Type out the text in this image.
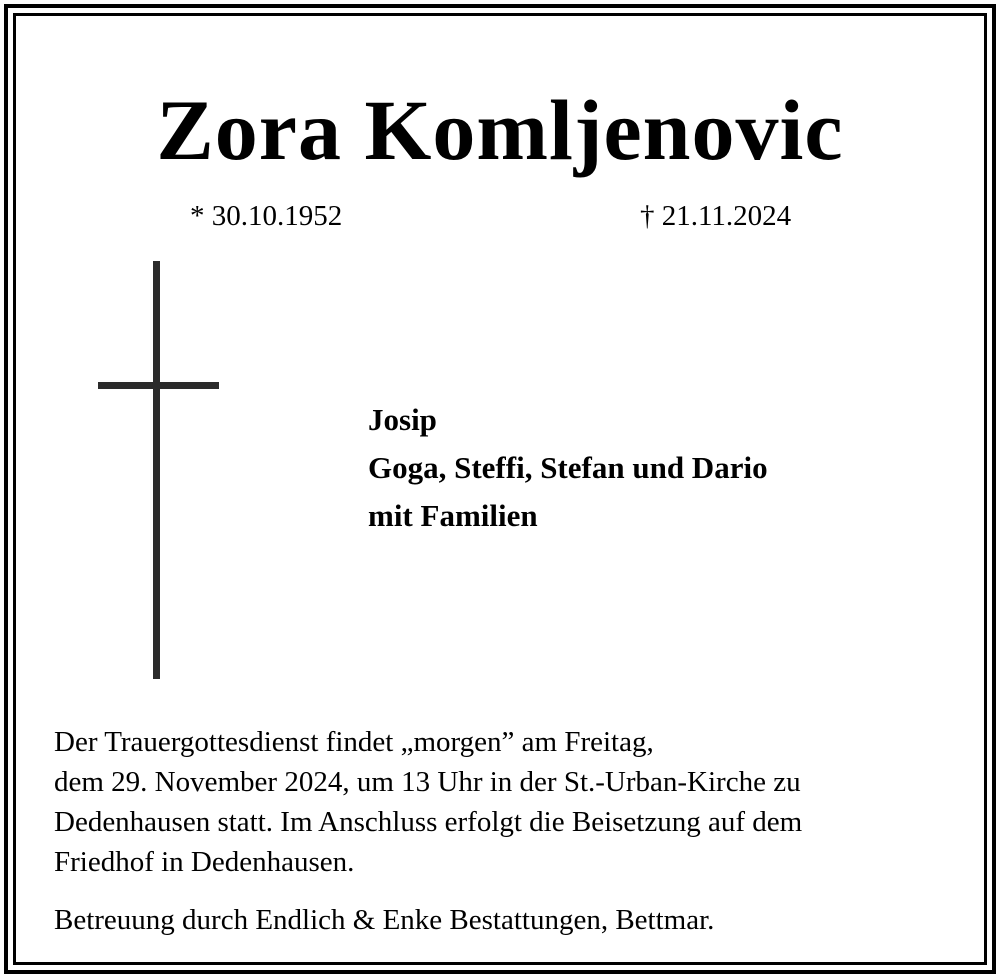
Zora Komljenovic
* 30.10.1952	† 21.11.2024
Josip
Goga, Steffi, Stefan und Dario
mit Familien
Der Trauergottesdienst findet „morgen” am Freitag,
dem 29. November 2024, um 13 Uhr in der St.-Urban-Kirche zu
Dedenhausen statt. Im Anschluss erfolgt die Beisetzung auf dem
Friedhof in Dedenhausen.
Betreuung durch Endlich & Enke Bestattungen, Bettmar.
